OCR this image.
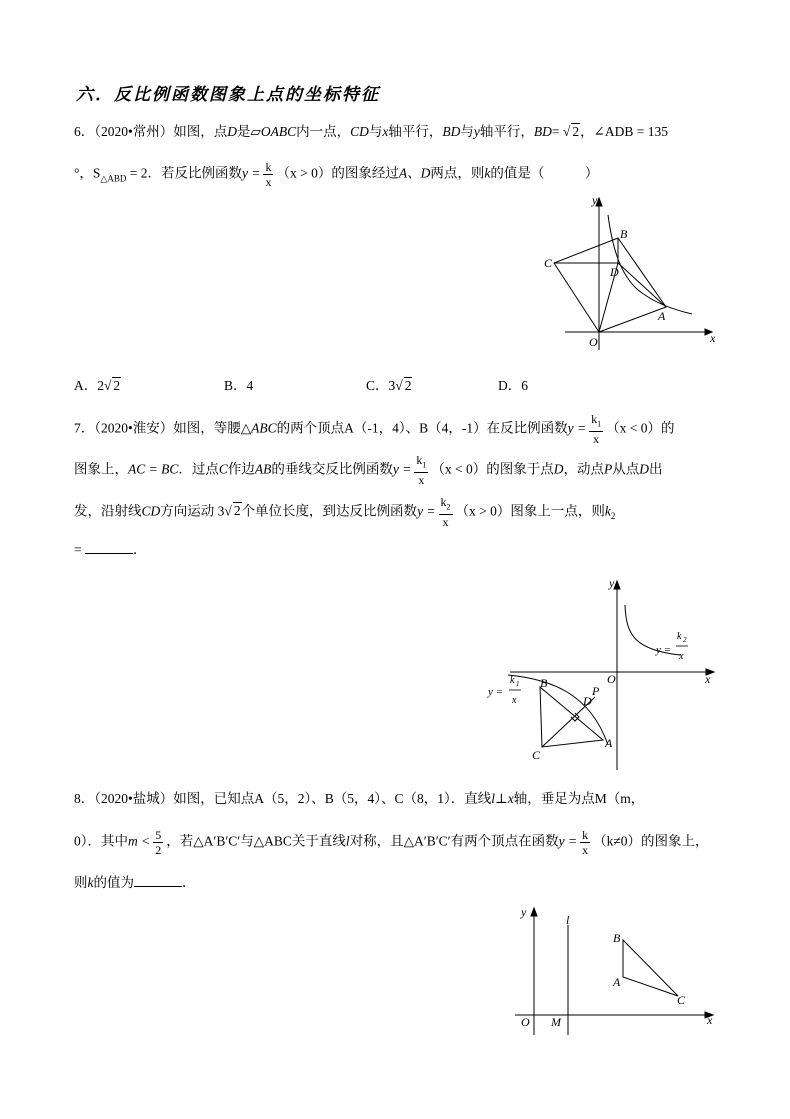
六．反比例函数图象上点的坐标特征
6．（2020•常州）如图，点D是▱OABC内一点，CD与x轴平行，BD与y轴平行，BD= √ 2，∠ADB = 135
°，$S_{\triangle ABD} = 2$．若反比例函数$y = \frac{k}{x} (x > 0)$的图象经过A、D两点，则k的值是（　　　）
y
x
O
A
B
C
D
A．2√ 2	B．4	C．3√ 2	D．6
7．（2020•淮安）如图，等腰△ABC的两个顶点A（-1，4）、B（4，-1）在反比例函数$y = \frac{k_1}{x} (x < 0)$的
图象上，AC = BC．过点C作边AB的垂线交反比例函数$y = \frac{k_1}{x} (x < 0)$的图象于点D，动点P从点D出
发，沿射线CD方向运动 3√ 2个单位长度，到达反比例函数$y = \frac{k_2}{x} (x > 0)$图象上一点，则$k_2$
=	．
y
x
O
A
B
C
D
P
y =
k 2
x
y =
k 1
x
8．（2020•盐城）如图，已知点A（5，2）、B（5，4）、C（8，1）．直线l⊥x轴，垂足为点M（m，
0）．其中$m < \frac{5}{2}$ ，若△A′B′C′与△ABC关于直线l对称，且△A′B′C′有两个顶点在函数$y = \frac{k}{x} (k\ne 0)$的图象上，
则k的值为	．
y
x
O M
l
A
B
C
